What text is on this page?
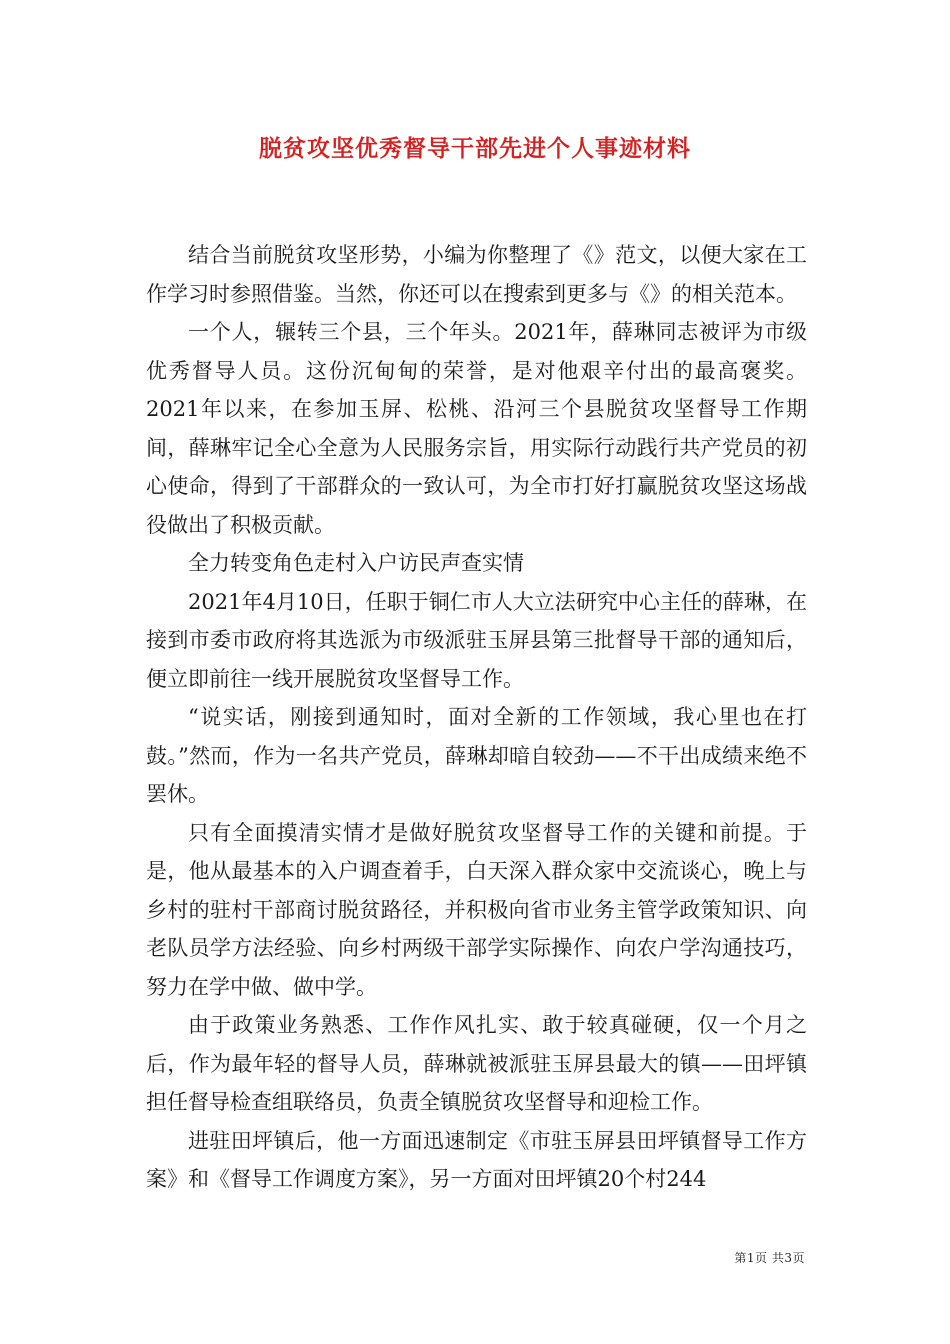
脱贫攻坚优秀督导干部先进个人事迹材料

结合当前脱贫攻坚形势，小编为你整理了《》范文，以便大家在工作学习时参照借鉴。当然，你还可以在搜索到更多与《》的相关范本。

一个人，辗转三个县，三个年头。2021年，薛琳同志被评为市级优秀督导人员。这份沉甸甸的荣誉，是对他艰辛付出的最高褒奖。2021年以来，在参加玉屏、松桃、沿河三个县脱贫攻坚督导工作期间，薛琳牢记全心全意为人民服务宗旨，用实际行动践行共产党员的初心使命，得到了干部群众的一致认可，为全市打好打赢脱贫攻坚这场战役做出了积极贡献。

全力转变角色走村入户访民声查实情

2021年4月10日，任职于铜仁市人大立法研究中心主任的薛琳，在接到市委市政府将其选派为市级派驻玉屏县第三批督导干部的通知后，便立即前往一线开展脱贫攻坚督导工作。

“说实话，刚接到通知时，面对全新的工作领域，我心里也在打鼓。”然而，作为一名共产党员，薛琳却暗自较劲——不干出成绩来绝不罢休。

只有全面摸清实情才是做好脱贫攻坚督导工作的关键和前提。于是，他从最基本的入户调查着手，白天深入群众家中交流谈心，晚上与乡村的驻村干部商讨脱贫路径，并积极向省市业务主管学政策知识、向老队员学方法经验、向乡村两级干部学实际操作、向农户学沟通技巧，努力在学中做、做中学。

由于政策业务熟悉、工作作风扎实、敢于较真碰硬，仅一个月之后，作为最年轻的督导人员，薛琳就被派驻玉屏县最大的镇——田坪镇担任督导检查组联络员，负责全镇脱贫攻坚督导和迎检工作。

进驻田坪镇后，他一方面迅速制定《市驻玉屏县田坪镇督导工作方案》和《督导工作调度方案》，另一方面对田坪镇20个村244

第1页 共3页
